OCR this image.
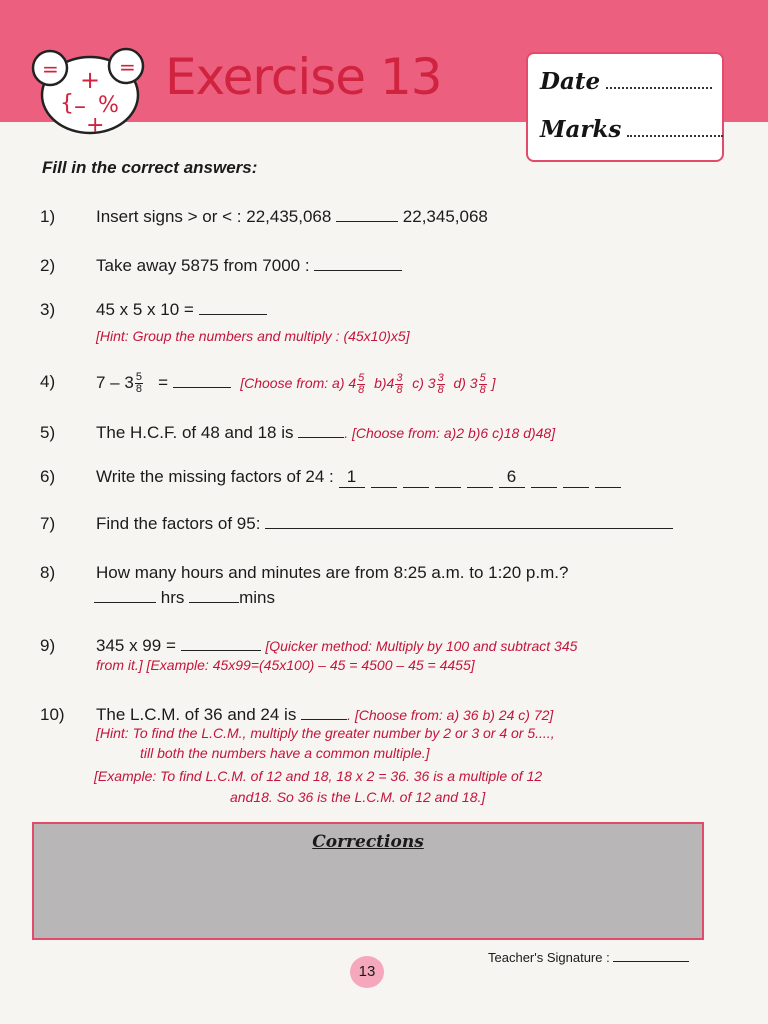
=	=
+
{ – %
+
Exercise 13	Date
Marks
Fill in the correct answers:
1)	Insert signs > or < : 22,435,068	22,345,068
2)	Take away 5875 from 7000 :
3)	45 x 5 x 10 =
[Hint: Group the numbers and multiply : (45x10)x5]
4)	$7 - 3 \frac{5}{8}$ =	[Choose from: a) $4 \frac{5}{8} b)4 \frac{3}{8} c$) $3 \frac{3}{8} d$) $3 \frac{5}{8}$ ]
5)	The H.C.F. of 48 and 18 is	. [Choose from: a)2 b)6 c)18 d)48]
6)	Write the missing factors of 24 : 1	6
7)	Find the factors of 95:
8)	How many hours and minutes are from 8:25 a.m. to 1:20 p.m.?
hrs	mins
9)	345 x 99 =	[Quicker method: Multiply by 100 and subtract 345
from it.] [Example: 45x99=(45x100) – 45 = 4500 – 45 = 4455]
10)	The L.C.M. of 36 and 24 is	. [Choose from: a) 36 b) 24 c) 72]
[Hint: To find the L.C.M., multiply the greater number by 2 or 3 or 4 or 5....,
till both the numbers have a common multiple.]
[Example: To find L.C.M. of 12 and 18, 18 x 2 = 36. 36 is a multiple of 12
and18. So 36 is the L.C.M. of 12 and 18.]
Corrections
Teacher's Signature :
13
